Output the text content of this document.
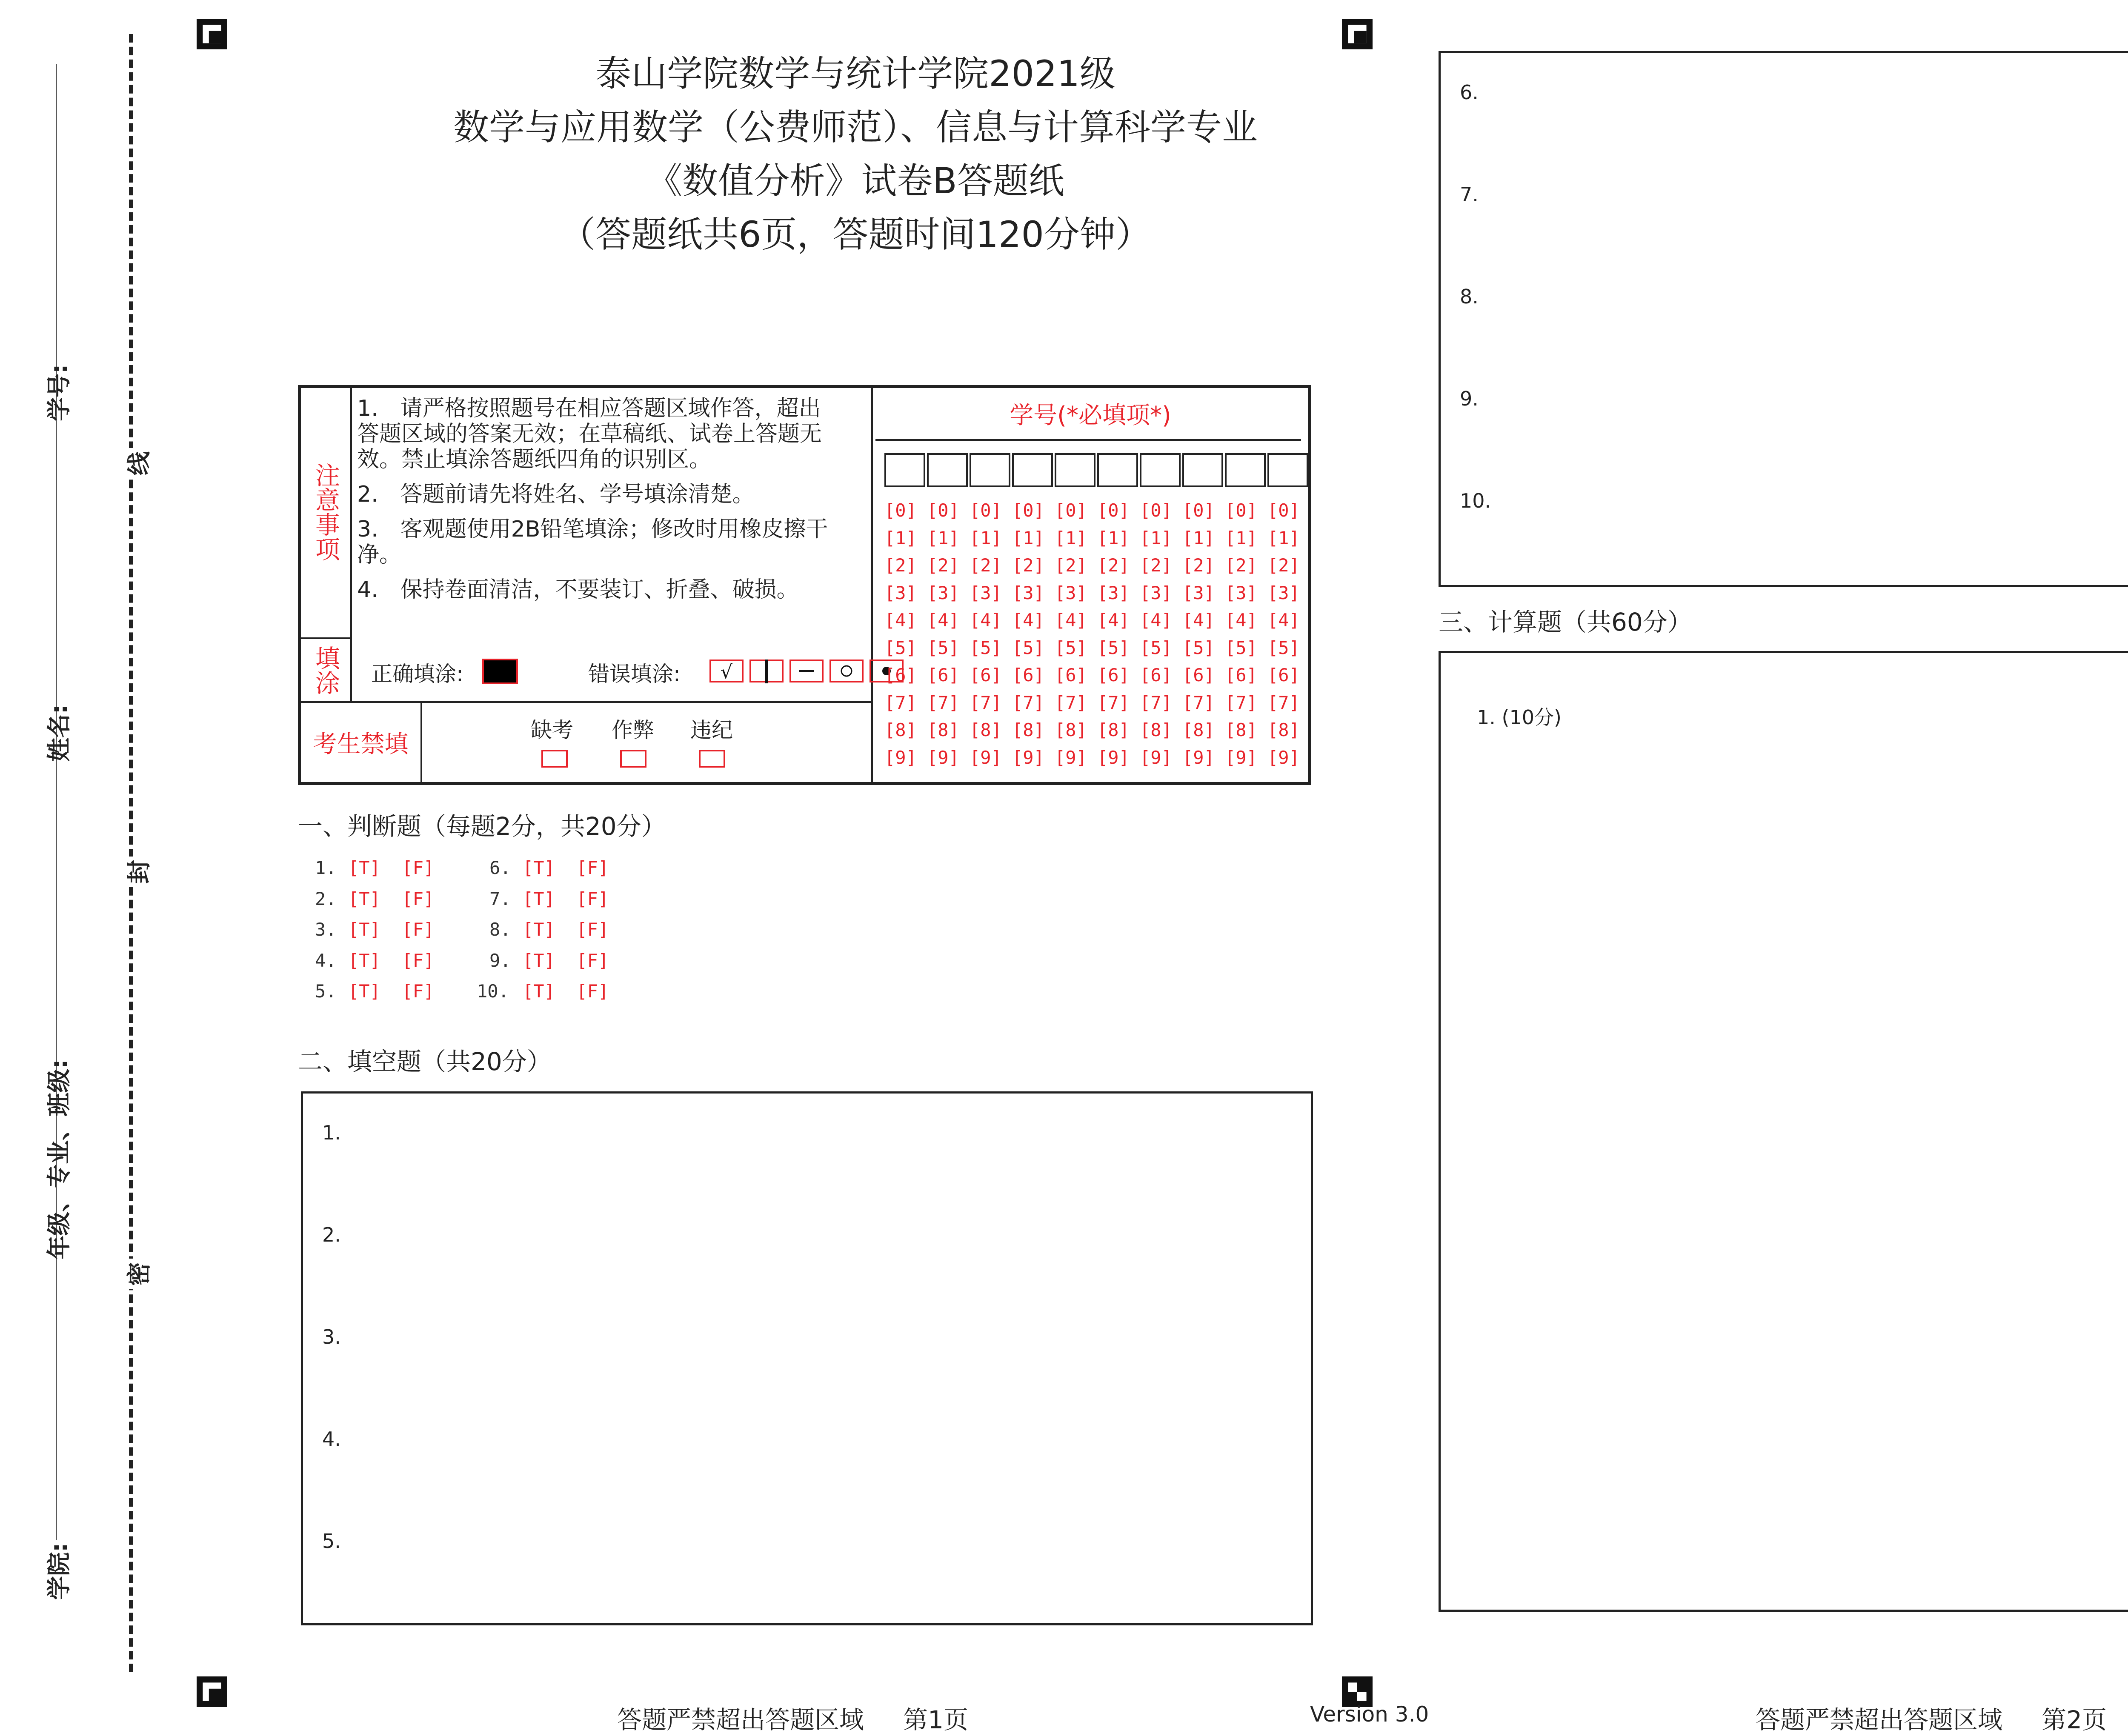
学号:
姓名:
年级、专业、班级:
学院:
线
封
密
泰山学院数学与统计学院2021级
数学与应用数学（公费师范）、信息与计算科学专业
《数值分析》试卷B答题纸
（答题纸共6页，答题时间120分钟）
注意事项

1.　请严格按照题号在相应答题区域作答，超出答题区域的答案无效；在草稿纸、试卷上答题无效。禁止填涂答题纸四角的识别区。

2.　答题前请先将姓名、学号填涂清楚。

3.　客观题使用2B铅笔填涂；修改时用橡皮擦干净。

4.　保持卷面清洁，不要装订、折叠、破损。

填涂	正确填涂:	错误填涂: √
考生禁填
缺考 作弊 违纪
学号(*必填项*)
[0] [0] [0] [0] [0] [0] [0] [0] [0] [0]
[1] [1] [1] [1] [1] [1] [1] [1] [1] [1]
[2] [2] [2] [2] [2] [2] [2] [2] [2] [2]
[3] [3] [3] [3] [3] [3] [3] [3] [3] [3]
[4] [4] [4] [4] [4] [4] [4] [4] [4] [4]
[5] [5] [5] [5] [5] [5] [5] [5] [5] [5]
[6] [6] [6] [6] [6] [6] [6] [6] [6] [6]
[7] [7] [7] [7] [7] [7] [7] [7] [7] [7]
[8] [8] [8] [8] [8] [8] [8] [8] [8] [8]
[9] [9] [9] [9] [9] [9] [9] [9] [9] [9]
一、判断题（每题2分，共20分）
1. [T]  [F]
2. [T]  [F]
3. [T]  [F]
4. [T]  [F]
5. [T]  [F]
6. [T]  [F]
7. [T]  [F]
8. [T]  [F]
9. [T]  [F]
10. [T]  [F]
二、填空题（共20分）
1.
2.
3.
4.
5.
6.
7.
8.
9.
10.
三、计算题（共60分）
1. (10分)
答题严禁超出答题区域     第1页	Version 3.0	答题严禁超出答题区域     第2页
